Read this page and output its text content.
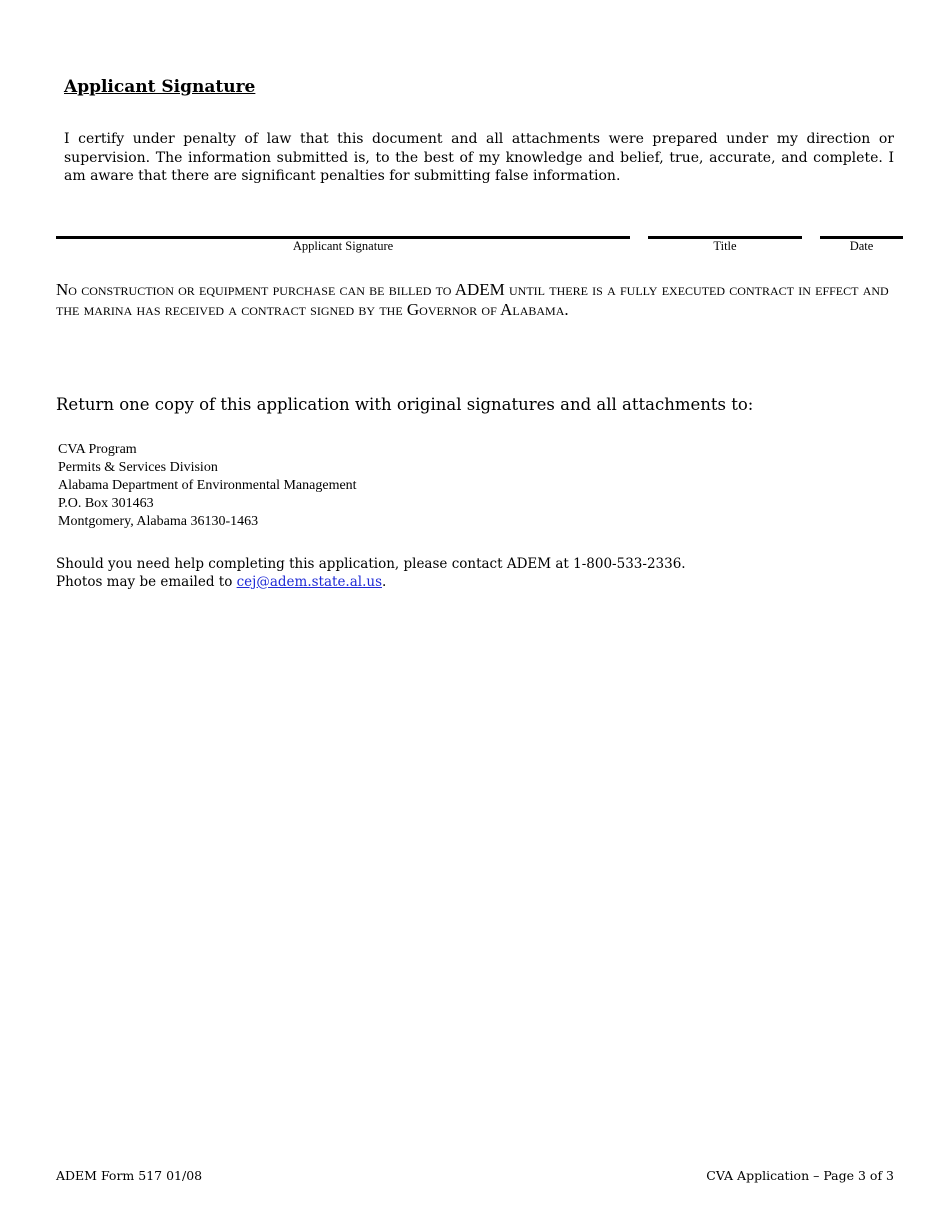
Applicant Signature

I certify under penalty of law that this document and all attachments were prepared under my direction or supervision. The information submitted is, to the best of my knowledge and belief, true, accurate, and complete. I am aware that there are significant penalties for submitting false information.

Applicant Signature	Title	Date

No construction or equipment purchase can be billed to ADEM until there is a fully executed contract in effect and the marina has received a contract signed by the Governor of Alabama.

Return one copy of this application with original signatures and all attachments to:

CVA Program
Permits & Services Division
Alabama Department of Environmental Management
P.O. Box 301463
Montgomery, Alabama 36130-1463
Should you need help completing this application, please contact ADEM at 1-800-533-2336.
Photos may be emailed to cej@adem.state.al.us.
ADEM Form 517 01/08	CVA Application – Page 3 of 3
